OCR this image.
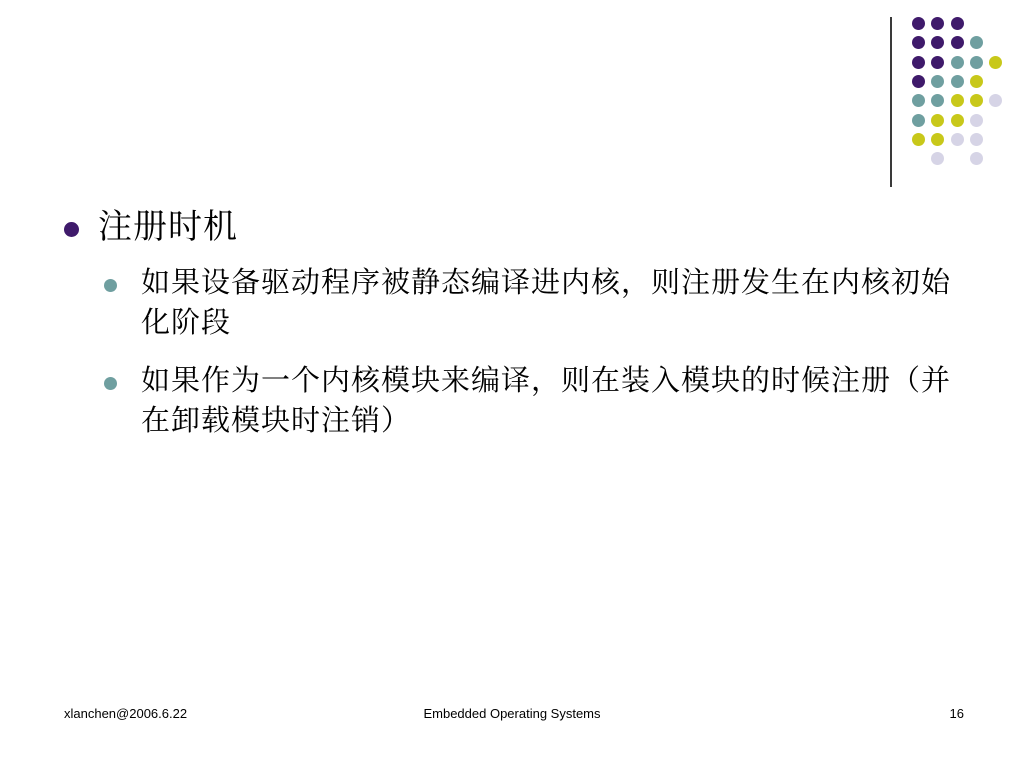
注册时机
如果设备驱动程序被静态编译进内核，则注册发生在内核初始化阶段
如果作为一个内核模块来编译，则在装入模块的时候注册（并在卸载模块时注销）
xlanchen@2006.6.22	Embedded Operating Systems	16
